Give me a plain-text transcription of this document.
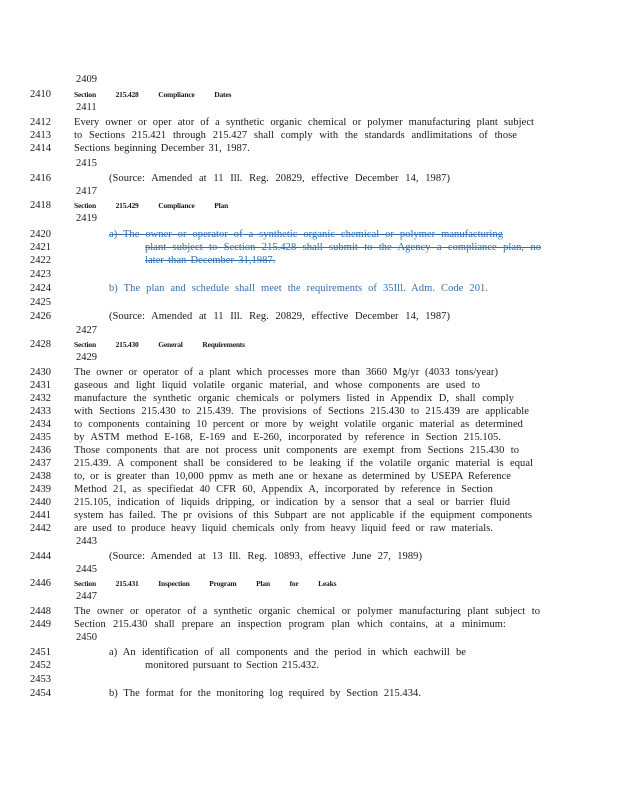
2409
2410	Section 215.428 Compliance Dates
2411
2412 Every owner or oper ator of a synthetic organic chemical or polymer manufacturing plant subject
2413 to Sections 215.421 through 215.427 shall comply with the standards andlimitations of those
2414 Sections beginning December 31, 1987.
2415
2416	(Source: Amended at 11 Ill. Reg. 20829, effective December 14, 1987)
2417
2418	Section 215.429 Compliance Plan
2419
2420	a) The owner or operator of a synthetic organic chemical or polymer manufacturing
2421	plant subject to Section 215.428 shall submit to the Agency a compliance plan, no
2422	later than December 31,1987.
2423
2424	b) The plan and schedule shall meet the requirements of 35Ill. Adm. Code 201.
2425
2426	(Source: Amended at 11 Ill. Reg. 20829, effective December 14, 1987)
2427
2428	Section 215.430 General Requirements
2429
2430 The owner or operator of a plant which processes more than 3660 Mg/yr (4033 tons/year)
2431 gaseous and light liquid volatile organic material, and whose components are used to
2432 manufacture the synthetic organic chemicals or polymers listed in Appendix D, shall comply
2433 with Sections 215.430 to 215.439. The provisions of Sections 215.430 to 215.439 are applicable
2434 to components containing 10 percent or more by weight volatile organic material as determined
2435 by ASTM method E-168, E-169 and E-260, incorporated by reference in Section 215.105.
2436 Those components that are not process unit components are exempt from Sections 215.430 to
2437 215.439. A component shall be considered to be leaking if the volatile organic material is equal
2438 to, or is greater than 10,000 ppmv as meth ane or hexane as determined by USEPA Reference
2439 Method 21, as specifiedat 40 CFR 60, Appendix A, incorporated by reference in Section
2440 215.105, indication of liquids dripping, or indication by a sensor that a seal or barrier fluid
2441 system has failed. The pr ovisions of this Subpart are not applicable if the equipment components
2442 are used to produce heavy liquid chemicals only from heavy liquid feed or raw materials.
2443
2444	(Source: Amended at 13 Ill. Reg. 10893, effective June 27, 1989)
2445
2446	Section 215.431 Inspection Program Plan for Leaks
2447
2448 The owner or operator of a synthetic organic chemical or polymer manufacturing plant subject to
2449 Section 215.430 shall prepare an inspection program plan which contains, at a minimum:
2450
2451	a) An identification of all components and the period in which eachwill be
2452	monitored pursuant to Section 215.432.
2453
2454	b) The format for the monitoring log required by Section 215.434.
